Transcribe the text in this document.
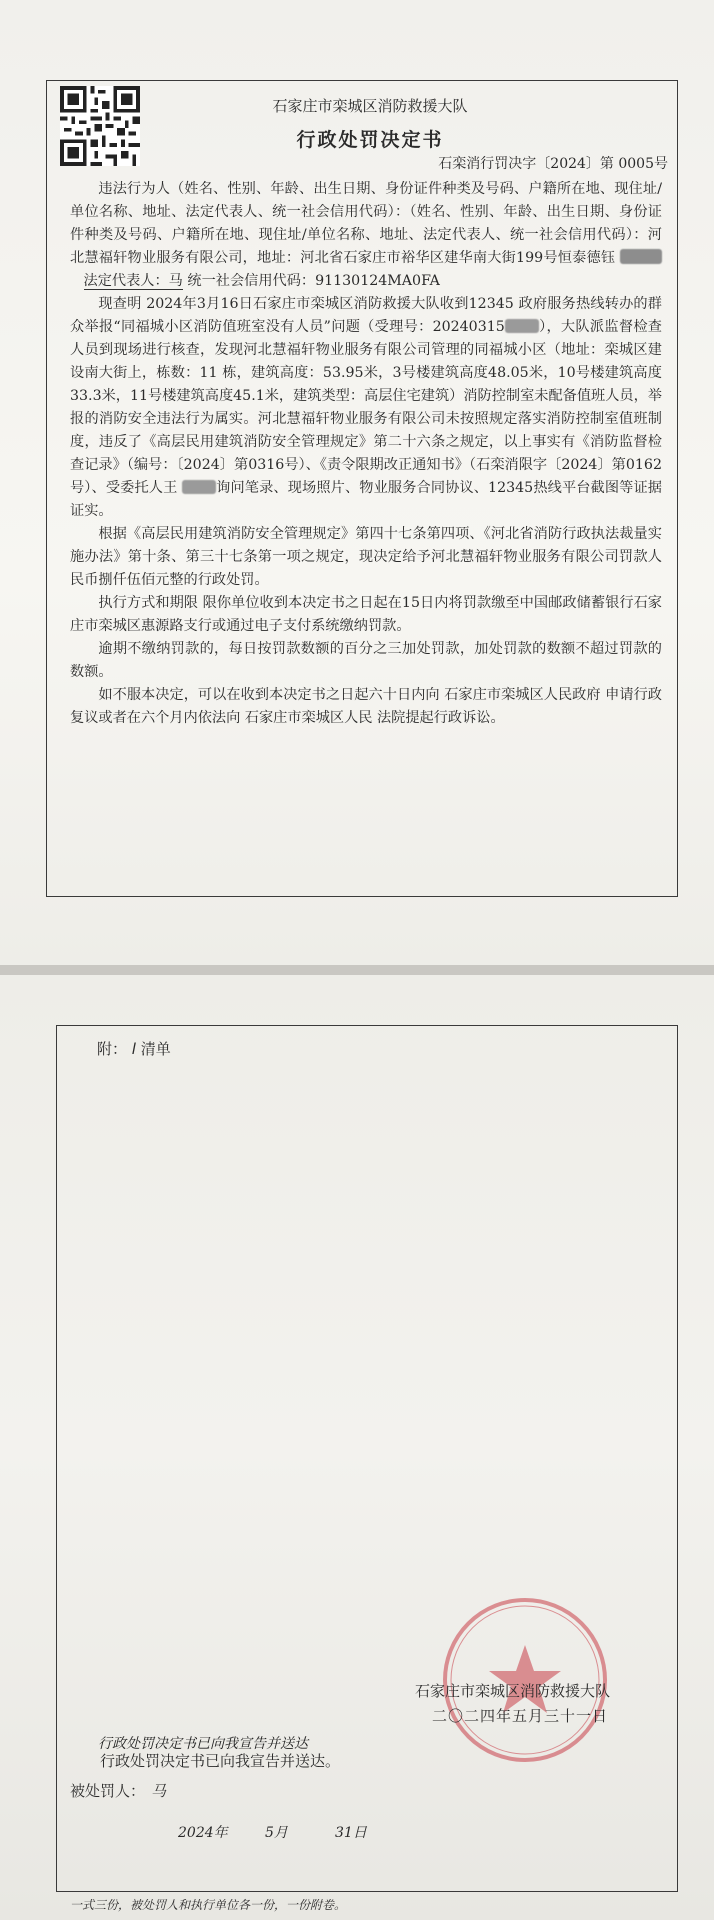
石家庄市栾城区消防救援大队
行政处罚决定书
石栾消行罚决字〔2024〕第 0005号

违法行为人（姓名、性别、年龄、出生日期、身份证件种类及号码、户籍所在地、现住址/单位名称、地址、法定代表人、统一社会信用代码）：（姓名、性别、年龄、出生日期、身份证件种类及号码、户籍所在地、现住址/单位名称、地址、法定代表人、统一社会信用代码）：河北慧福轩物业服务有限公司，地址：河北省石家庄市裕华区建华南大街199号恒泰德钰    法定代表人：马 统一社会信用代码：91130124MA0FA

现查明 2024年3月16日石家庄市栾城区消防救援大队收到12345 政府服务热线转办的群众举报“同福城小区消防值班室没有人员”问题（受理号：20240315 ），大队派监督检查人员到现场进行核查，发现河北慧福轩物业服务有限公司管理的同福城小区（地址：栾城区建设南大街上，栋数：11 栋，建筑高度：53.95米，3号楼建筑高度48.05米，10号楼建筑高度33.3米，11号楼建筑高度45.1米，建筑类型：高层住宅建筑）消防控制室未配备值班人员，举报的消防安全违法行为属实。河北慧福轩物业服务有限公司未按照规定落实消防控制室值班制度，违反了《高层民用建筑消防安全管理规定》第二十六条之规定，以上事实有《消防监督检查记录》（编号：〔2024〕第0316号）、《责令限期改正通知书》（石栾消限字〔2024〕第0162号）、受委托人王	询问笔录、现场照片、物业服务合同协议、12345热线平台截图等证据证实。

根据《高层民用建筑消防安全管理规定》第四十七条第四项、《河北省消防行政执法裁量实施办法》第十条、第三十七条第一项之规定，现决定给予河北慧福轩物业服务有限公司罚款人民币捌仟伍佰元整的行政处罚。

执行方式和期限 限你单位收到本决定书之日起在15日内将罚款缴至中国邮政储蓄银行石家庄市栾城区惠源路支行或通过电子支付系统缴纳罚款。

逾期不缴纳罚款的，每日按罚款数额的百分之三加处罚款，加处罚款的数额不超过罚款的数额。

如不服本决定，可以在收到本决定书之日起六十日内向 石家庄市栾城区人民政府 申请行政复议或者在六个月内依法向 石家庄市栾城区人民 法院提起行政诉讼。

附： l 清单
石家庄市栾城区消防救援大队
二〇二四年五月三十一日
行政处罚决定书已向我宣告并送达
行政处罚决定书已向我宣告并送达。
被处罚人： 马
2024年	5月	31日
一式三份，被处罚人和执行单位各一份，一份附卷。
